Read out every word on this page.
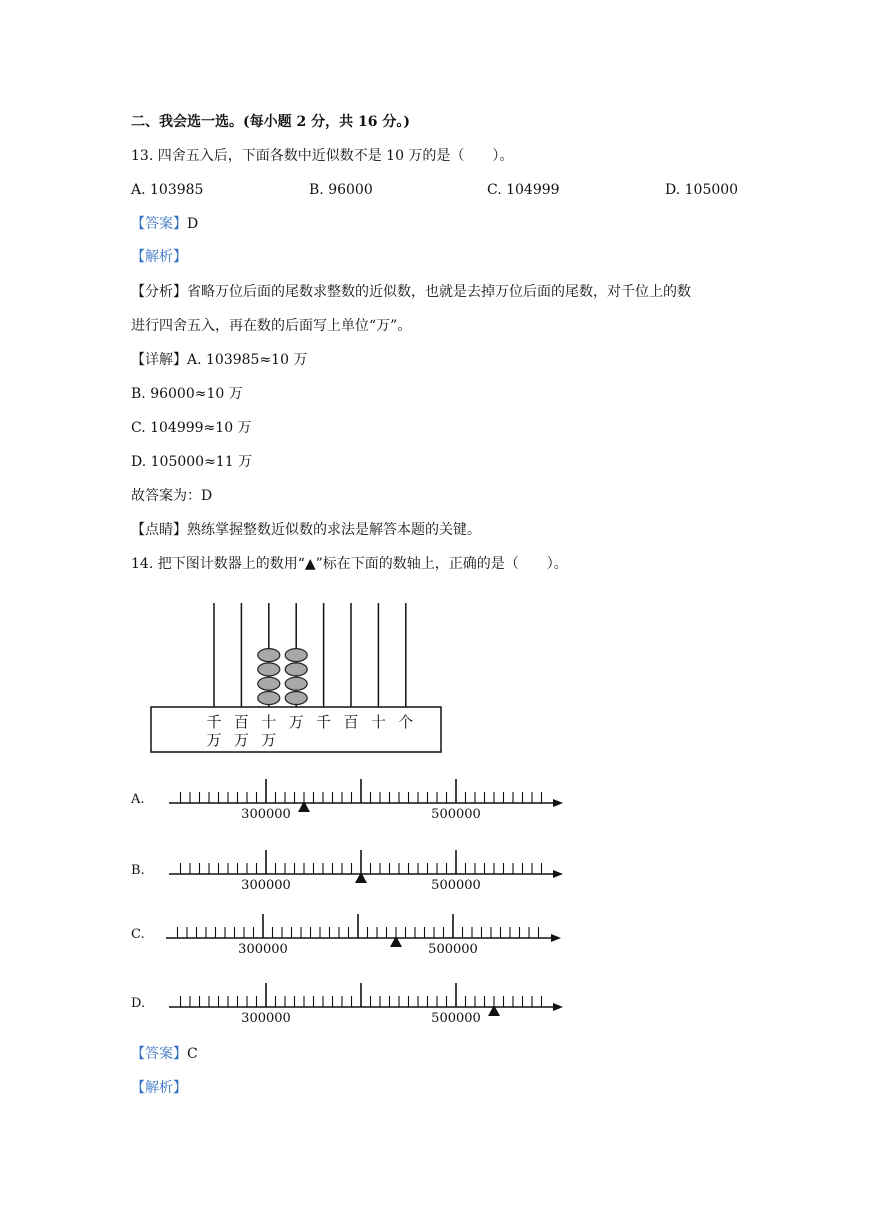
二、我会选一选。(每小题 2 分，共 16 分。)
13. 四舍五入后，下面各数中近似数不是 10 万的是（　　）。
A. 103985	B. 96000	C. 104999	D. 105000
【答案】D
【解析】
【分析】省略万位后面的尾数求整数的近似数，也就是去掉万位后面的尾数，对千位上的数
进行四舍五入，再在数的后面写上单位“万”。
【详解】A. 103985≈10 万
B. 96000≈10 万
C. 104999≈10 万
D. 105000≈11 万
故答案为：D
【点睛】熟练掌握整数近似数的求法是解答本题的关键。
14. 把下图计数器上的数用“▲”标在下面的数轴上，正确的是（　　）。
千 百 十 万 千 百 十 个
万 万 万
A.
300000	500000
B.
300000	500000
C.
300000	500000
D.
300000	500000
【答案】C
【解析】
